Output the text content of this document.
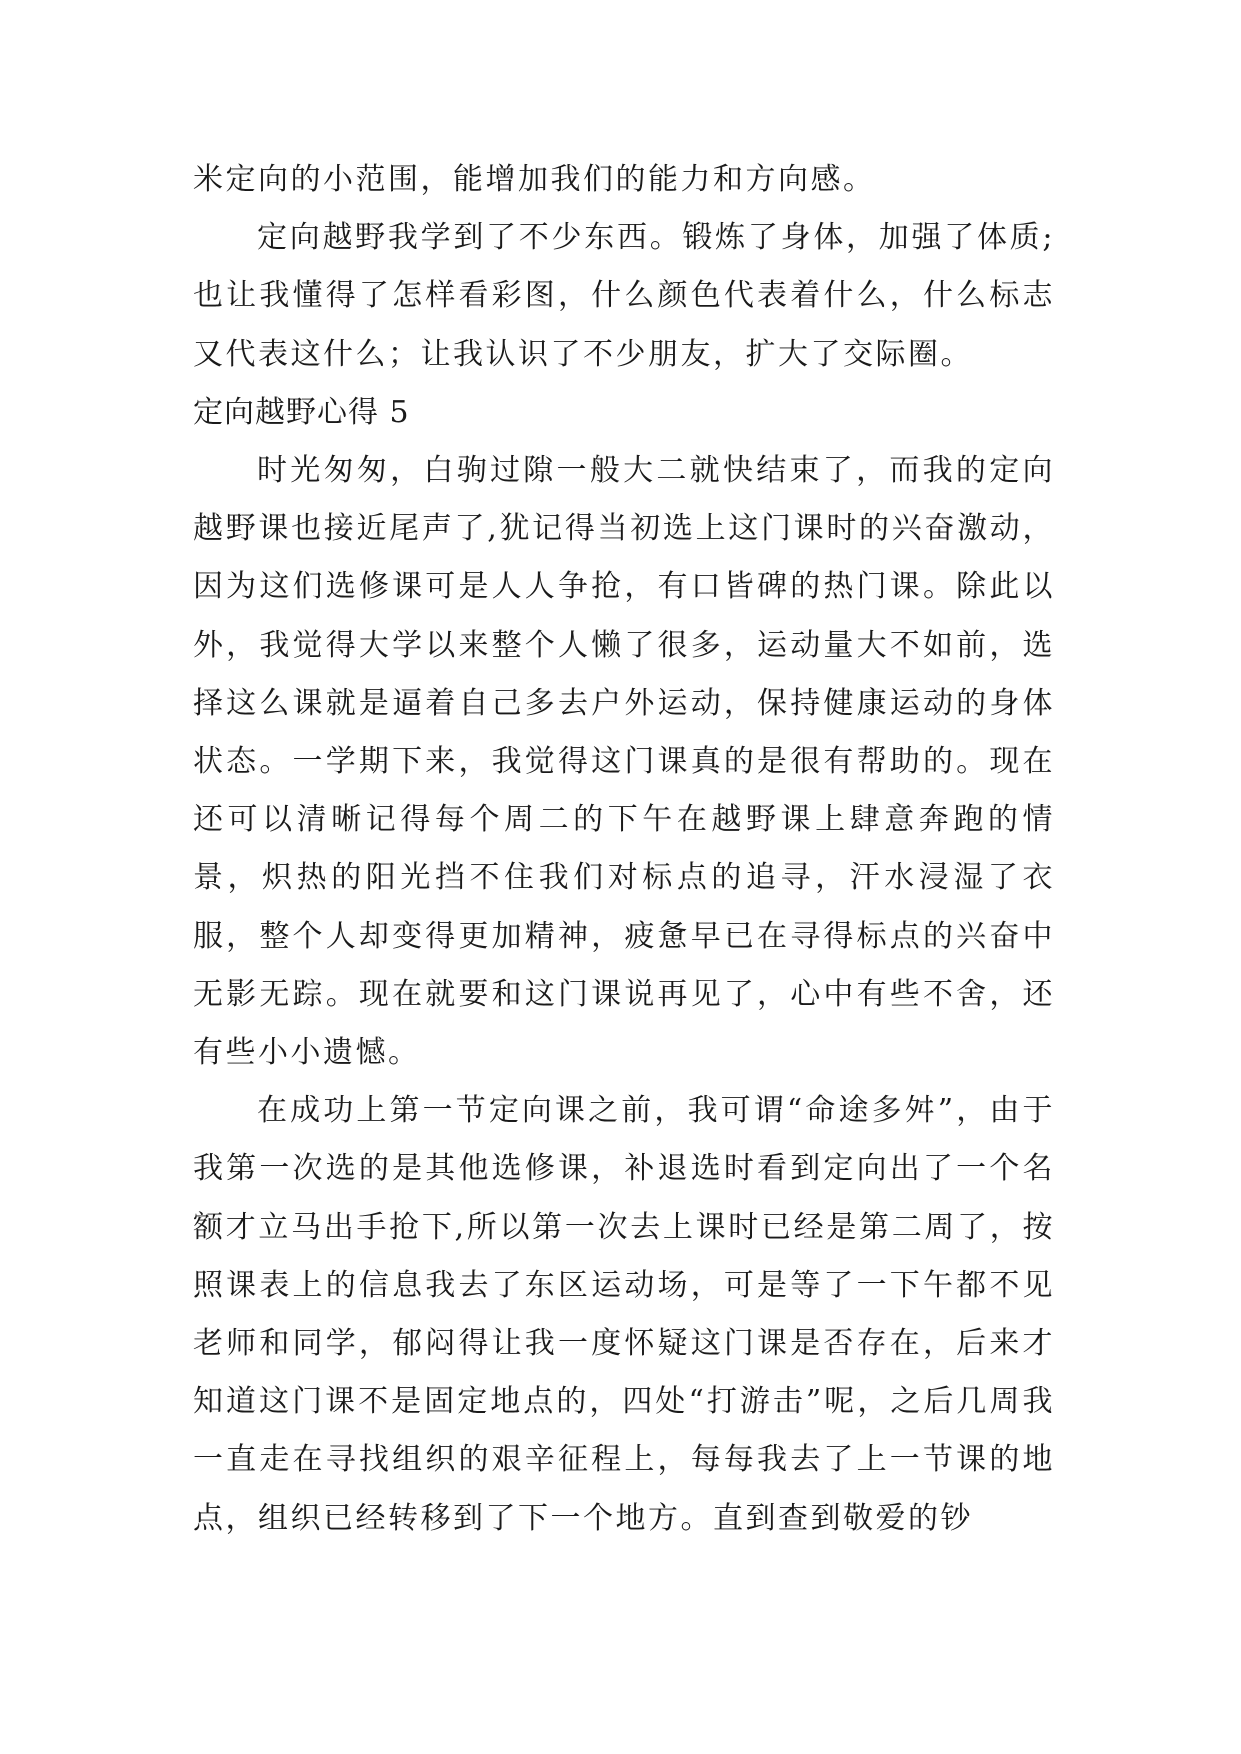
米定向的小范围，能增加我们的能力和方向感。

定向越野我学到了不少东西。锻炼了身体，加强了体质;也让我懂得了怎样看彩图，什么颜色代表着什么，什么标志又代表这什么；让我认识了不少朋友，扩大了交际圈。

定向越野心得 5

时光匆匆，白驹过隙一般大二就快结束了，而我的定向越野课也接近尾声了,犹记得当初选上这门课时的兴奋激动，因为这们选修课可是人人争抢，有口皆碑的热门课。除此以外，我觉得大学以来整个人懒了很多，运动量大不如前，选择这么课就是逼着自己多去户外运动，保持健康运动的身体状态。一学期下来，我觉得这门课真的是很有帮助的。现在还可以清晰记得每个周二的下午在越野课上肆意奔跑的情景，炽热的阳光挡不住我们对标点的追寻，汗水浸湿了衣服，整个人却变得更加精神，疲惫早已在寻得标点的兴奋中无影无踪。现在就要和这门课说再见了，心中有些不舍，还有些小小遗憾。

在成功上第一节定向课之前，我可谓“命途多舛”，由于我第一次选的是其他选修课，补退选时看到定向出了一个名额才立马出手抢下,所以第一次去上课时已经是第二周了，按照课表上的信息我去了东区运动场，可是等了一下午都不见老师和同学，郁闷得让我一度怀疑这门课是否存在，后来才知道这门课不是固定地点的，四处“打游击”呢，之后几周我一直走在寻找组织的艰辛征程上，每每我去了上一节课的地点，组织已经转移到了下一个地方。直到查到敬爱的钞
